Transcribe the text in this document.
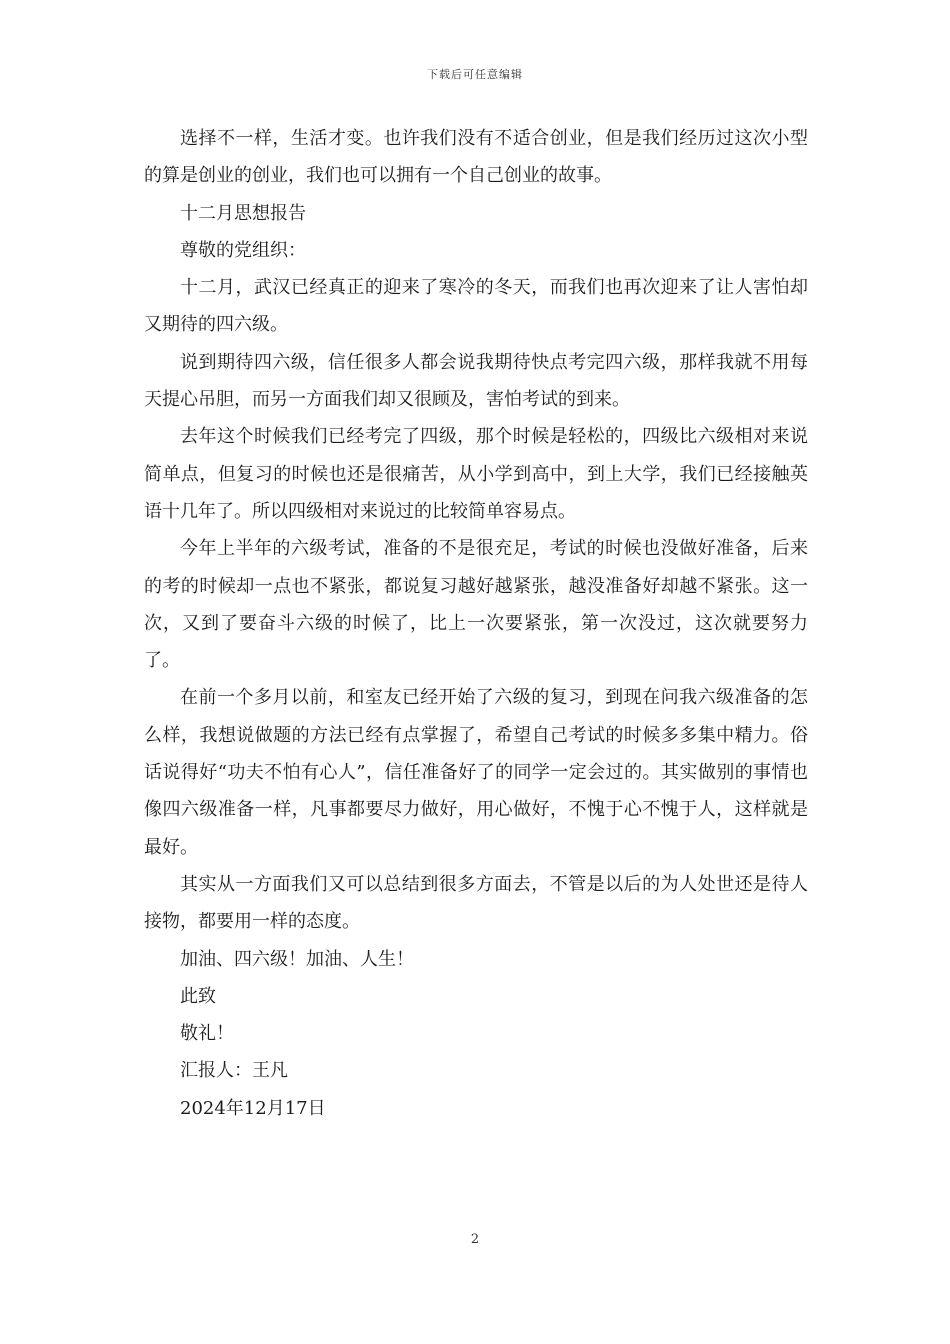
下载后可任意编辑

选择不一样，生活才变。也许我们没有不适合创业，但是我们经历过这次小型的算是创业的创业，我们也可以拥有一个自己创业的故事。

十二月思想报告

尊敬的党组织：

十二月，武汉已经真正的迎来了寒冷的冬天，而我们也再次迎来了让人害怕却又期待的四六级。

说到期待四六级，信任很多人都会说我期待快点考完四六级，那样我就不用每天提心吊胆，而另一方面我们却又很顾及，害怕考试的到来。

去年这个时候我们已经考完了四级，那个时候是轻松的，四级比六级相对来说简单点，但复习的时候也还是很痛苦，从小学到高中，到上大学，我们已经接触英语十几年了。所以四级相对来说过的比较简单容易点。

今年上半年的六级考试，准备的不是很充足，考试的时候也没做好准备，后来的考的时候却一点也不紧张，都说复习越好越紧张，越没准备好却越不紧张。这一次，又到了要奋斗六级的时候了，比上一次要紧张，第一次没过，这次就要努力了。

在前一个多月以前，和室友已经开始了六级的复习，到现在问我六级准备的怎么样，我想说做题的方法已经有点掌握了，希望自己考试的时候多多集中精力。俗话说得好“功夫不怕有心人”，信任准备好了的同学一定会过的。其实做别的事情也像四六级准备一样，凡事都要尽力做好，用心做好，不愧于心不愧于人，这样就是最好。

其实从一方面我们又可以总结到很多方面去，不管是以后的为人处世还是待人接物，都要用一样的态度。

加油、四六级！加油、人生！

此致

敬礼！

汇报人：王凡

2024年12月17日

2
